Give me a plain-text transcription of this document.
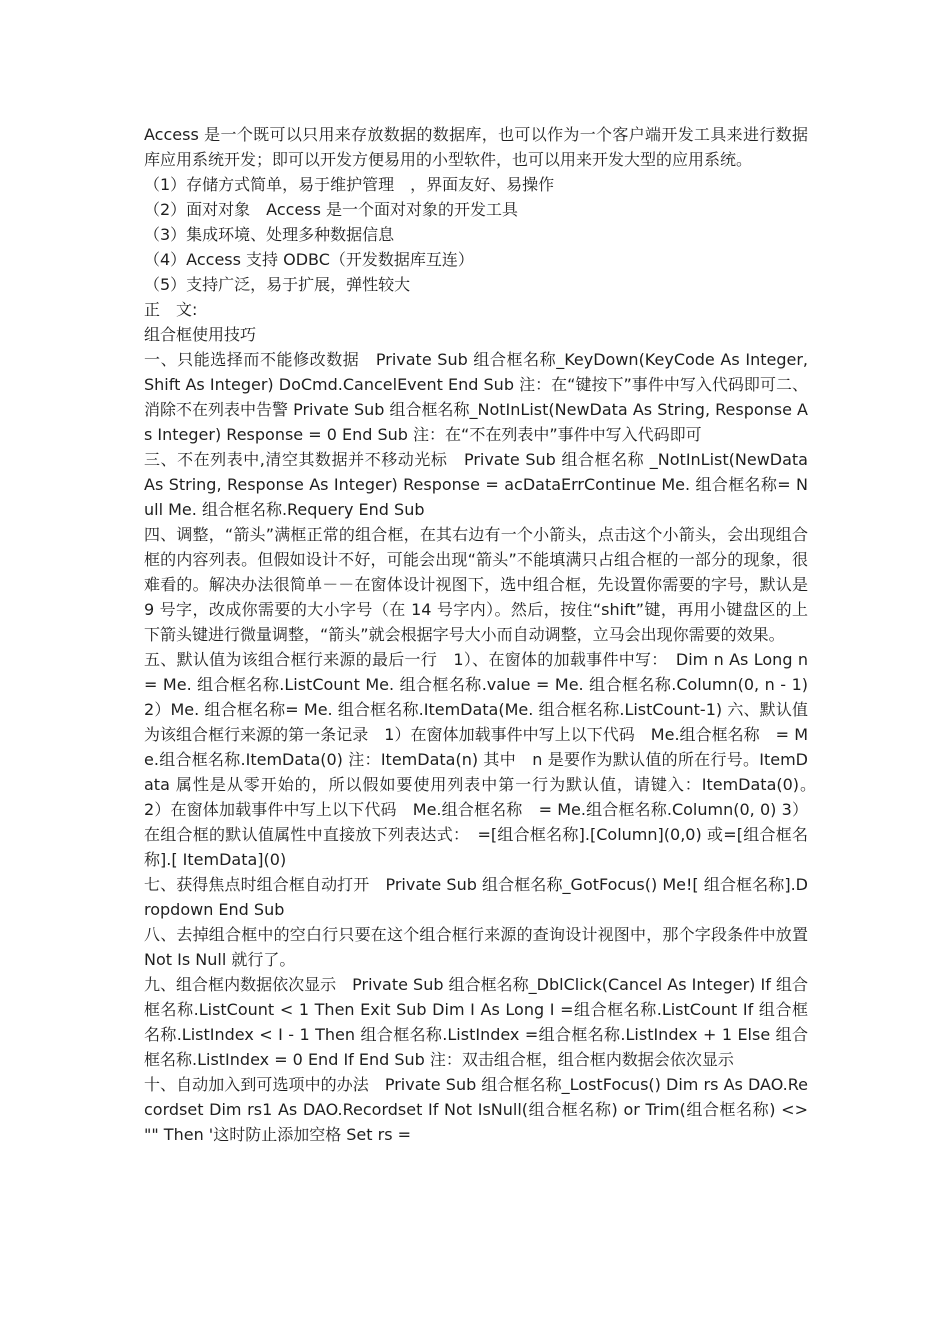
Access 是一个既可以只用来存放数据的数据库，也可以作为一个客户端开发工具来进行数据库应用系统开发；即可以开发方便易用的小型软件，也可以用来开发大型的应用系统。

（1）存储方式简单，易于维护管理　，界面友好、易操作

（2）面对对象　Access 是一个面对对象的开发工具

（3）集成环境、处理多种数据信息

（4）Access 支持 ODBC（开发数据库互连）

（5）支持广泛，易于扩展，弹性较大

正　文:

组合框使用技巧

一、只能选择而不能修改数据　Private Sub 组合框名称_KeyDown(KeyCode As Integer, Shift As Integer) DoCmd.CancelEvent End Sub 注：在“键按下”事件中写入代码即可二、消除不在列表中告警 Private Sub 组合框名称_NotInList(NewData As String, Response As Integer) Response = 0 End Sub 注：在“不在列表中”事件中写入代码即可

三、不在列表中,清空其数据并不移动光标　Private Sub 组合框名称 _NotInList(NewData As String, Response As Integer) Response = acDataErrContinue Me. 组合框名称= Null Me. 组合框名称.Requery End Sub

四、调整，“箭头”满框正常的组合框，在其右边有一个小箭头，点击这个小箭头，会出现组合框的内容列表。但假如设计不好，可能会出现“箭头”不能填满只占组合框的一部分的现象，很难看的。解决办法很简单－－在窗体设计视图下，选中组合框，先设置你需要的字号，默认是 9 号字，改成你需要的大小字号（在 14 号字内）。然后，按住“shift”键，再用小键盘区的上下箭头键进行微量调整，“箭头”就会根据字号大小而自动调整，立马会出现你需要的效果。

五、默认值为该组合框行来源的最后一行　1）、在窗体的加载事件中写：　Dim n As Long n = Me. 组合框名称.ListCount Me. 组合框名称.value = Me. 组合框名称.Column(0, n - 1) 2）Me. 组合框名称= Me. 组合框名称.ItemData(Me. 组合框名称.ListCount-1) 六、默认值为该组合框行来源的第一条记录　1）在窗体加载事件中写上以下代码　Me.组合框名称　= Me.组合框名称.ItemData(0) 注：ItemData(n) 其中　n 是要作为默认值的所在行号。ItemData 属性是从零开始的，所以假如要使用列表中第一行为默认值，请键入：ItemData(0)。　2）在窗体加载事件中写上以下代码　Me.组合框名称　= Me.组合框名称.Column(0, 0) 3）在组合框的默认值属性中直接放下列表达式：　=[组合框名称].[Column](0,0) 或=[组合框名称].[ ItemData](0)

七、获得焦点时组合框自动打开　Private Sub 组合框名称_GotFocus() Me![ 组合框名称].Dropdown End Sub

八、去掉组合框中的空白行只要在这个组合框行来源的查询设计视图中，那个字段条件中放置 Not Is Null 就行了。

九、组合框内数据依次显示　Private Sub 组合框名称_DblClick(Cancel As Integer) If 组合框名称.ListCount < 1 Then Exit Sub Dim I As Long I =组合框名称.ListCount If 组合框名称.ListIndex < I - 1 Then 组合框名称.ListIndex =组合框名称.ListIndex + 1 Else 组合框名称.ListIndex = 0 End If End Sub 注：双击组合框，组合框内数据会依次显示

十、自动加入到可选项中的办法　Private Sub 组合框名称_LostFocus() Dim rs As DAO.Recordset Dim rs1 As DAO.Recordset If Not IsNull(组合框名称) or Trim(组合框名称) <> "" Then '这时防止添加空格 Set rs =
